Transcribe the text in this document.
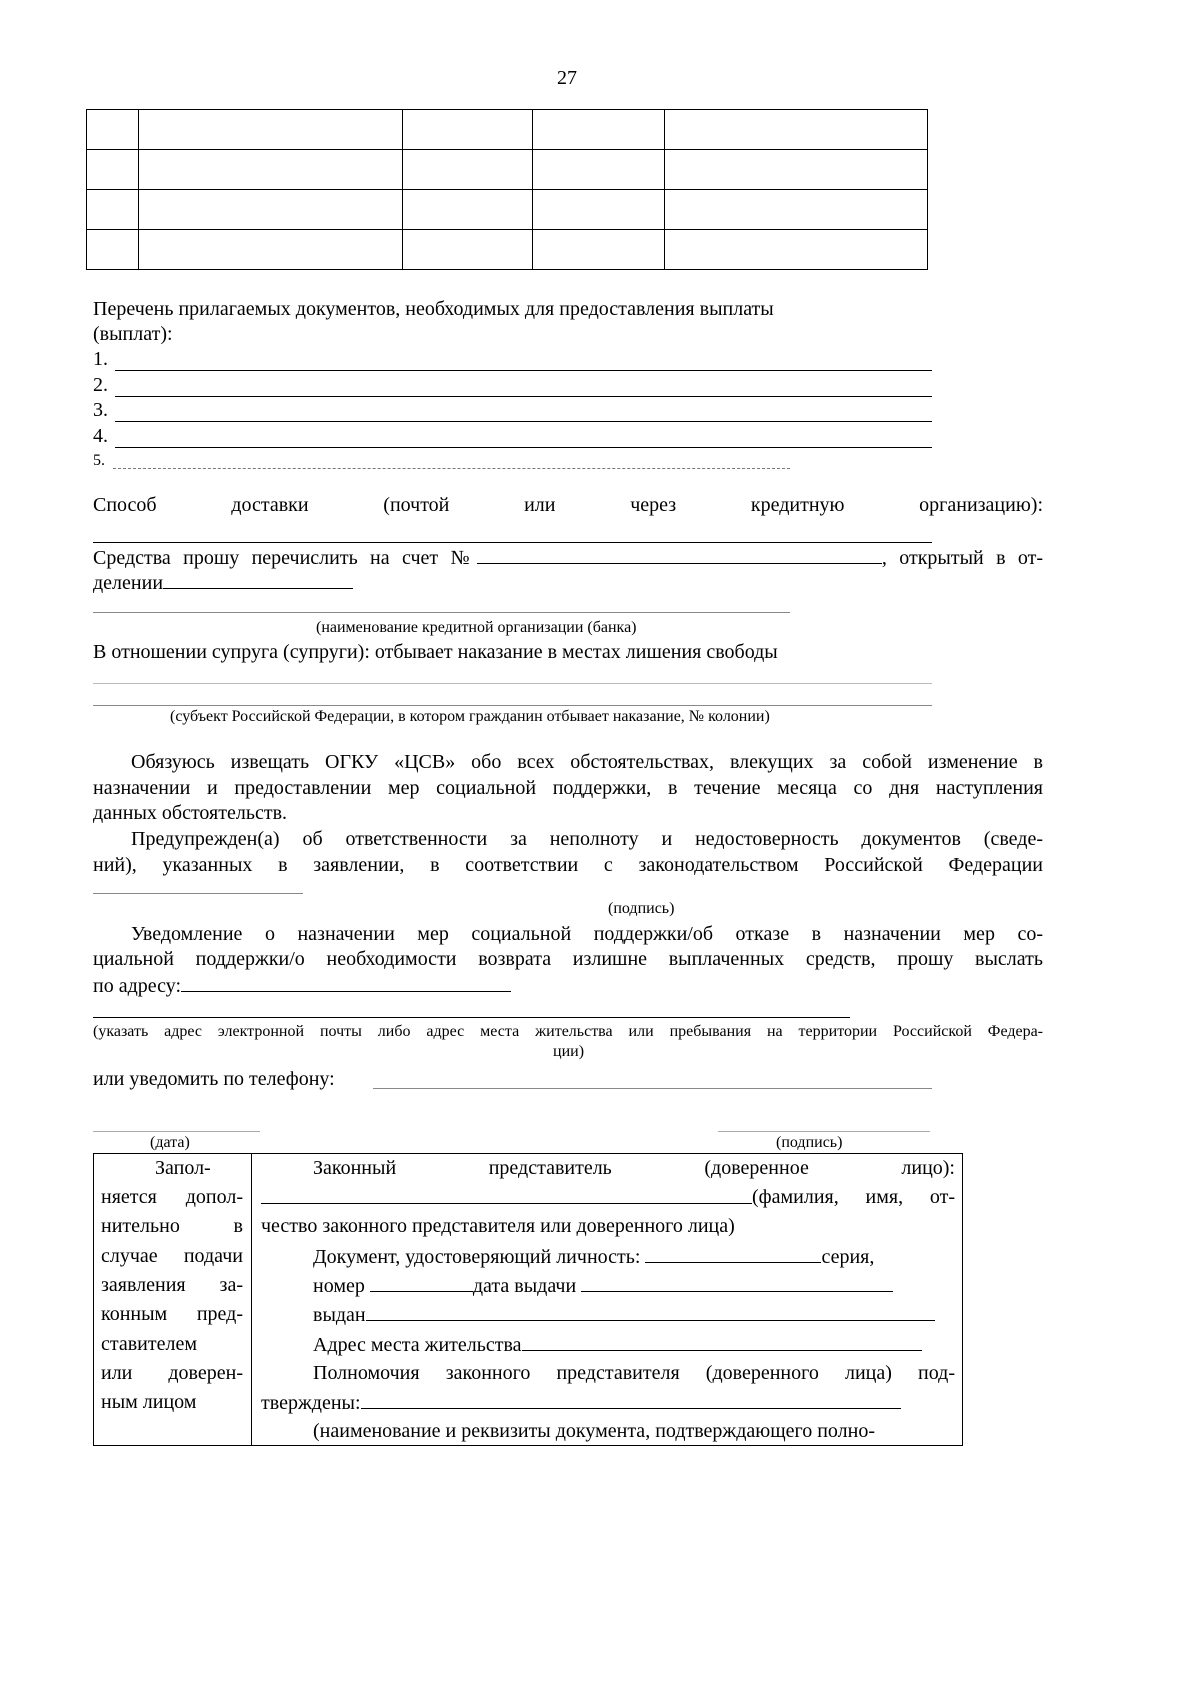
27

Перечень прилагаемых документов, необходимых для предоставления выплаты
(выплат):
1.
2.
3.
4.
5.
Способ доставки (почтой или через кредитную организацию):
Средства прошу перечислить на счет №	, открытый в от-
делении
(наименование кредитной организации (банка)
В отношении супруга (супруги): отбывает наказание в местах лишения свободы
(субъект Российской Федерации, в котором гражданин отбывает наказание, № колонии)
Обязуюсь извещать ОГКУ «ЦСВ» обо всех обстоятельствах, влекущих за собой изменение в
назначении и предоставлении мер социальной поддержки, в течение месяца со дня наступления
данных обстоятельств.
Предупрежден(а) об ответственности за неполноту и недостоверность документов (сведе-
ний), указанных в заявлении, в соответствии с законодательством Российской Федерации
(подпись)
Уведомление о назначении мер социальной поддержки/об отказе в назначении мер со-
циальной поддержки/о необходимости возврата излишне выплаченных средств, прошу выслать
по адресу:
(указать адрес электронной почты либо адрес места жительства или пребывания на территории Российской Федера-
ции)
или уведомить по телефону:
(дата)	(подпись)
Запол-
няется допол-
нительно в
случае подачи
заявления за-
конным пред-
ставителем
или доверен-
ным лицом
Законный представитель (доверенное лицо):
(фамилия, имя, от-
чество законного представителя или доверенного лица)
Документ, удостоверяющий личность:	серия,
номер	дата выдачи
выдан
Адрес места жительства
Полномочия законного представителя (доверенного лица) под-
тверждены:
(наименование и реквизиты документа, подтверждающего полно-
